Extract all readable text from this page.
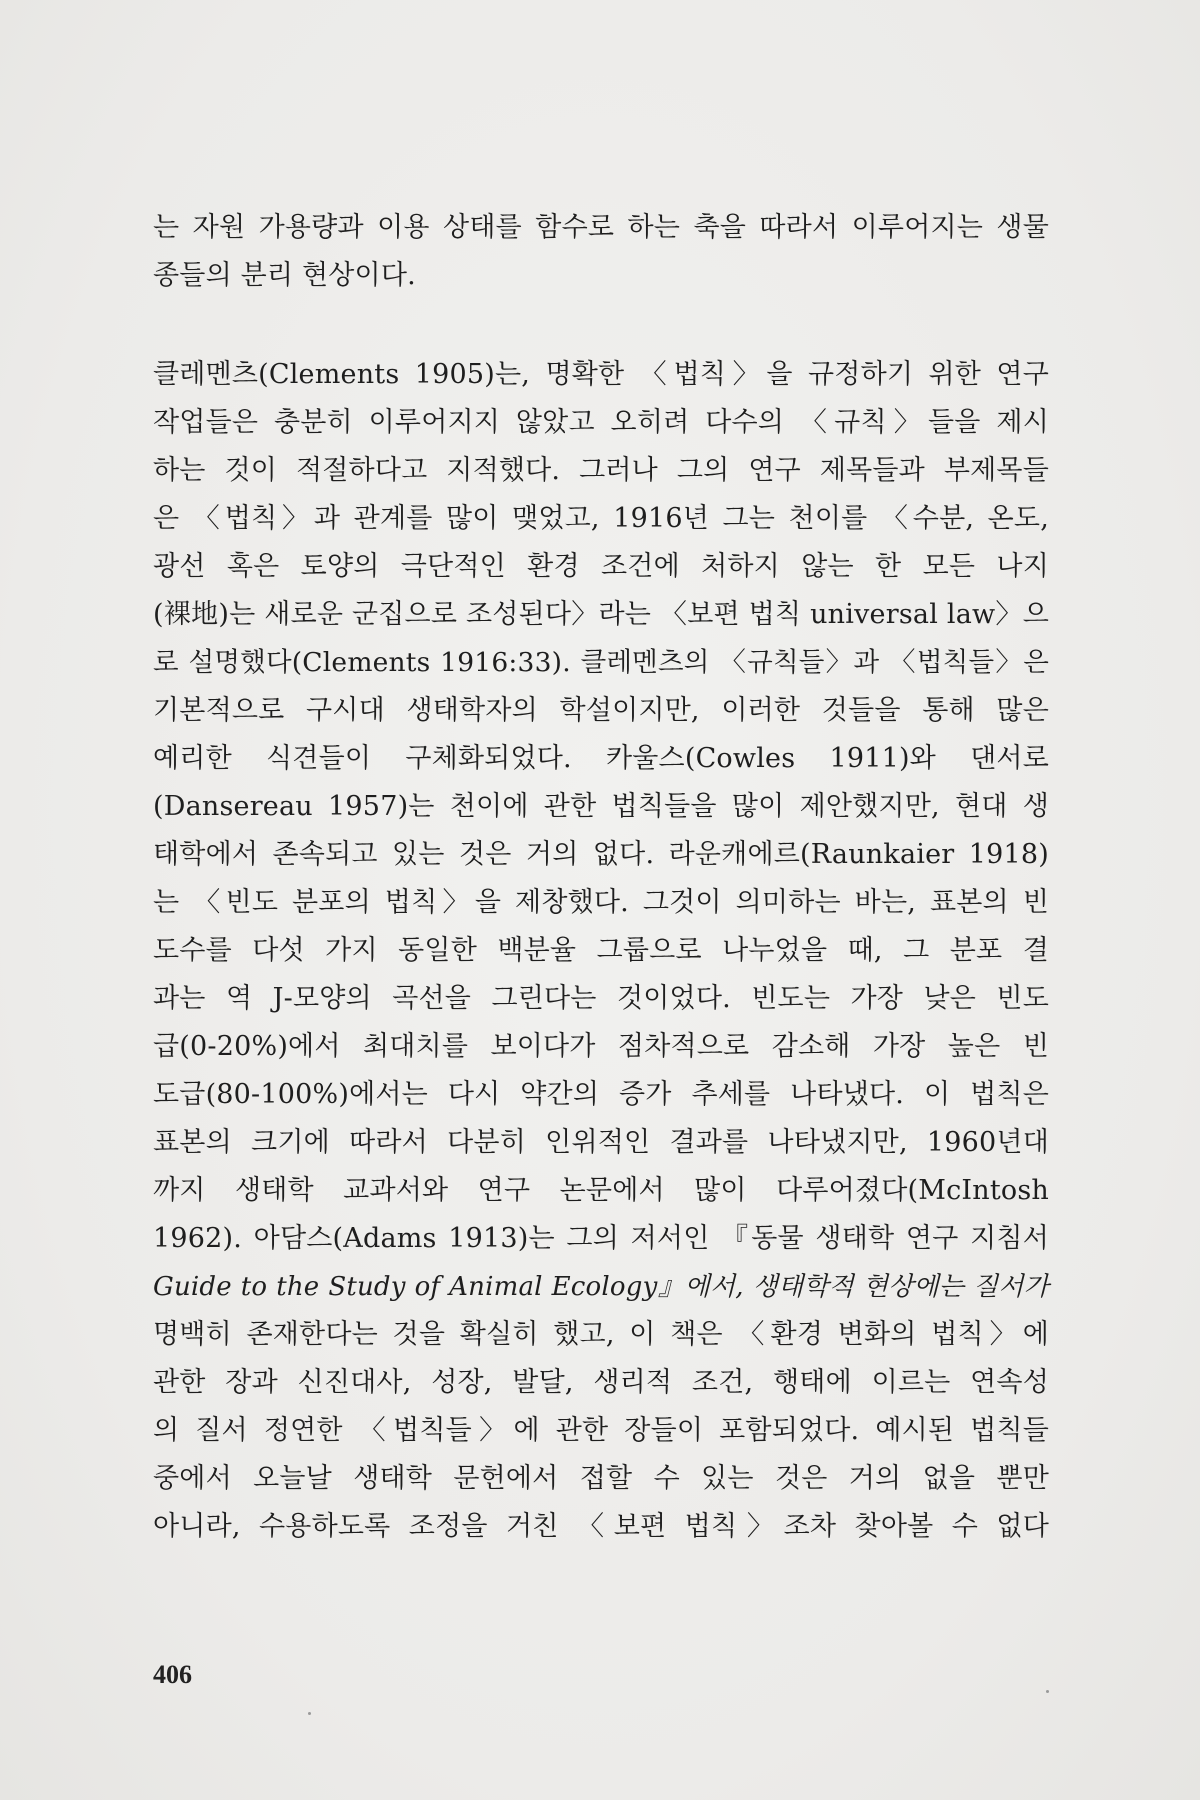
는 자원 가용량과 이용 상태를 함수로 하는 축을 따라서 이루어지는 생물
종들의 분리 현상이다.
클레멘츠(Clements 1905)는, 명확한 〈법칙〉을 규정하기 위한 연구
작업들은 충분히 이루어지지 않았고 오히려 다수의 〈규칙〉들을 제시
하는 것이 적절하다고 지적했다. 그러나 그의 연구 제목들과 부제목들
은 〈법칙〉과 관계를 많이 맺었고, 1916년 그는 천이를 〈수분, 온도,
광선 혹은 토양의 극단적인 환경 조건에 처하지 않는 한 모든 나지
(裸地)는 새로운 군집으로 조성된다〉라는 〈보편 법칙 universal law〉으
로 설명했다(Clements 1916:33). 클레멘츠의 〈규칙들〉과 〈법칙들〉은
기본적으로 구시대 생태학자의 학설이지만, 이러한 것들을 통해 많은
예리한 식견들이 구체화되었다. 카울스(Cowles 1911)와 댄서로
(Dansereau 1957)는 천이에 관한 법칙들을 많이 제안했지만, 현대 생
태학에서 존속되고 있는 것은 거의 없다. 라운캐에르(Raunkaier 1918)
는 〈빈도 분포의 법칙〉을 제창했다. 그것이 의미하는 바는, 표본의 빈
도수를 다섯 가지 동일한 백분율 그룹으로 나누었을 때, 그 분포 결
과는 역 J-모양의 곡선을 그린다는 것이었다. 빈도는 가장 낮은 빈도
급(0-20%)에서 최대치를 보이다가 점차적으로 감소해 가장 높은 빈
도급(80-100%)에서는 다시 약간의 증가 추세를 나타냈다. 이 법칙은
표본의 크기에 따라서 다분히 인위적인 결과를 나타냈지만, 1960년대
까지 생태학 교과서와 연구 논문에서 많이 다루어졌다(McIntosh
1962). 아담스(Adams 1913)는 그의 저서인 『동물 생태학 연구 지침서
Guide to the Study of Animal Ecology』에서, 생태학적 현상에는 질서가
명백히 존재한다는 것을 확실히 했고, 이 책은 〈환경 변화의 법칙〉에
관한 장과 신진대사, 성장, 발달, 생리적 조건, 행태에 이르는 연속성
의 질서 정연한 〈법칙들〉에 관한 장들이 포함되었다. 예시된 법칙들
중에서 오늘날 생태학 문헌에서 접할 수 있는 것은 거의 없을 뿐만
아니라, 수용하도록 조정을 거친 〈보편 법칙〉조차 찾아볼 수 없다
406
